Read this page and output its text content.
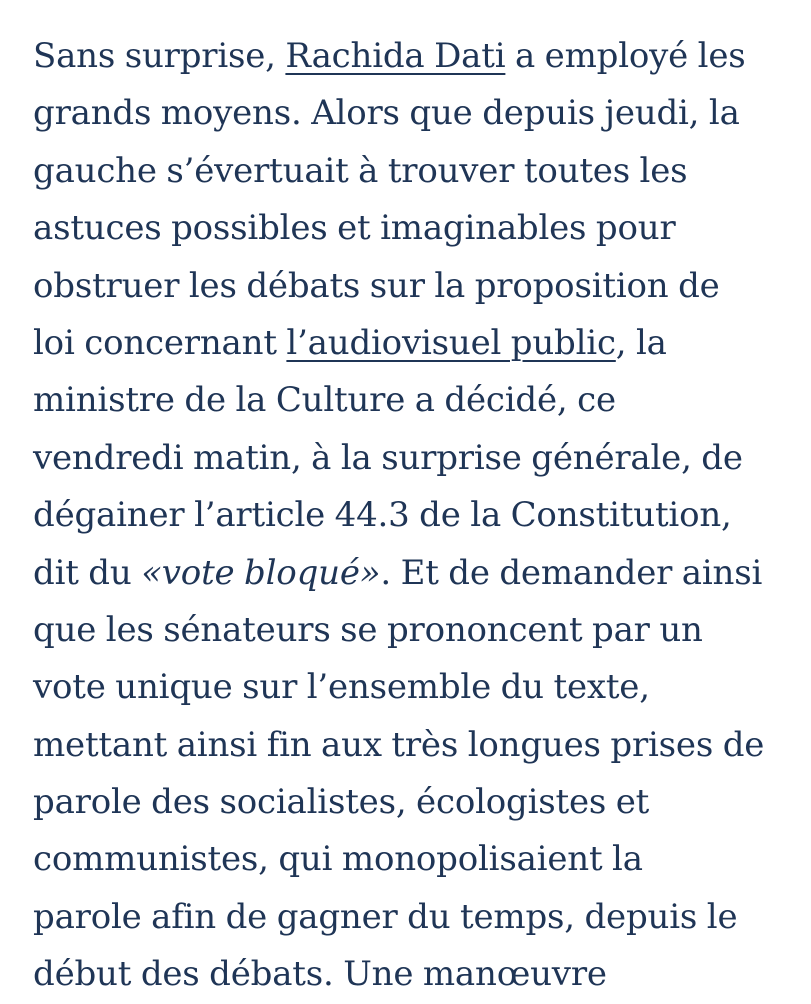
Sans surprise, Rachida Dati a employé les
grands moyens. Alors que depuis jeudi, la
gauche s’évertuait à trouver toutes les
astuces possibles et imaginables pour
obstruer les débats sur la proposition de
loi concernant l’audiovisuel public, la
ministre de la Culture a décidé, ce
vendredi matin, à la surprise générale, de
dégainer l’article 44.3 de la Constitution,
dit du «vote bloqué». Et de demander ainsi
que les sénateurs se prononcent par un
vote unique sur l’ensemble du texte,
mettant ainsi fin aux très longues prises de
parole des socialistes, écologistes et
communistes, qui monopolisaient la
parole afin de gagner du temps, depuis le
début des débats. Une manœuvre
